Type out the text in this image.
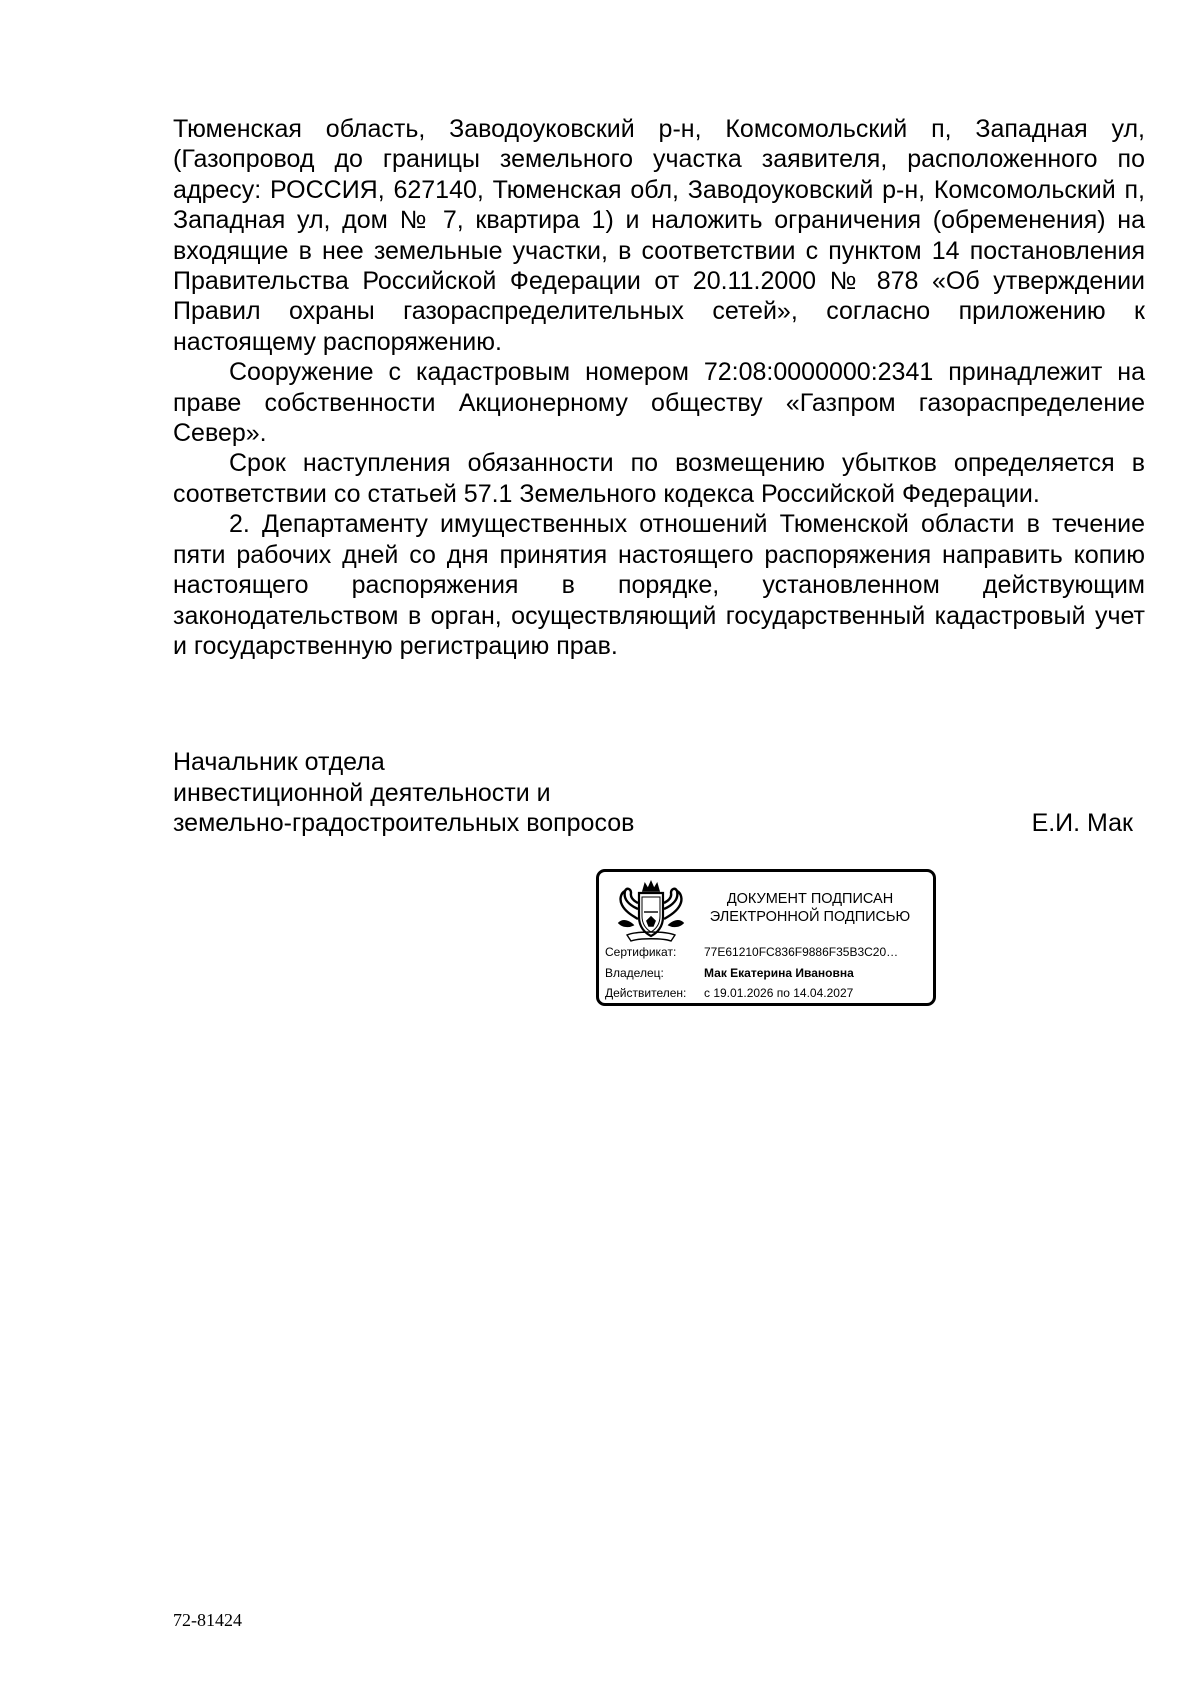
Тюменская область, Заводоуковский р-н, Комсомольский п, Западная ул, (Газопровод до границы земельного участка заявителя, расположенного по адресу: РОССИЯ, 627140, Тюменская обл, Заводоуковский р-н, Комсомольский п, Западная ул, дом № 7, квартира 1) и наложить ограничения (обременения) на входящие в нее земельные участки, в соответствии с пунктом 14 постановления Правительства Российской Федерации от 20.11.2000 № 878 «Об утверждении Правил охраны газораспределительных сетей», согласно приложению к настоящему распоряжению.

Сооружение с кадастровым номером 72:08:0000000:2341 принадлежит на праве собственности Акционерному обществу «Газпром газораспределение Север».

Срок наступления обязанности по возмещению убытков определяется в соответствии со статьей 57.1 Земельного кодекса Российской Федерации.

2. Департаменту имущественных отношений Тюменской области в течение пяти рабочих дней со дня принятия настоящего распоряжения направить копию настоящего распоряжения в порядке, установленном действующим законодательством в орган, осуществляющий государственный кадастровый учет и государственную регистрацию прав.

Начальник отдела
инвестиционной деятельности и
земельно-градостроительных вопросов	Е.И. Мак
ДОКУМЕНТ ПОДПИСАН
ЭЛЕКТРОННОЙ ПОДПИСЬЮ
Сертификат: 77E61210FC836F9886F35B3C20…
Владелец:	Мак Екатерина Ивановна
Действителен: с 19.01.2026 по 14.04.2027
72-81424
